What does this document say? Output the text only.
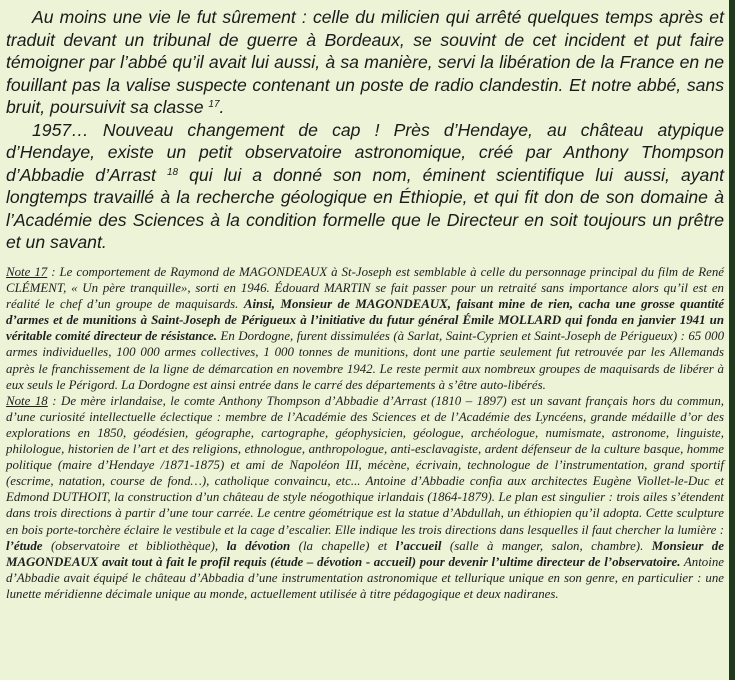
Au moins une vie le fut sûrement : celle du milicien qui arrêté quelques temps après et traduit devant un tribunal de guerre à Bordeaux, se souvint de cet incident et put faire témoigner par l’abbé qu’il avait lui aussi, à sa manière, servi la libération de la France en ne fouillant pas la valise suspecte contenant un poste de radio clandestin. Et notre abbé, sans bruit, poursuivit sa classe $^{17}$.

1957… Nouveau changement de cap ! Près d’Hendaye, au château atypique d’Hendaye, existe un petit observatoire astronomique, créé par Anthony Thompson d’Abbadie d’Arrast $^{18}$ qui lui a donné son nom, éminent scientifique lui aussi, ayant longtemps travaillé à la recherche géologique en Éthiopie, et qui fit don de son domaine à l’Académie des Sciences à la condition formelle que le Directeur en soit toujours un prêtre et un savant.

Note 17 : Le comportement de Raymond de MAGONDEAUX à St-Joseph est semblable à celle du personnage principal du film de René CLÉMENT, « Un père tranquille», sorti en 1946. Édouard MARTIN se fait passer pour un retraité sans importance alors qu’il est en réalité le chef d’un groupe de maquisards. Ainsi, Monsieur de MAGONDEAUX, faisant mine de rien, cacha une grosse quantité d’armes et de munitions à Saint-Joseph de Périgueux à l’initiative du futur général Émile MOLLARD qui fonda en janvier 1941 un véritable comité directeur de résistance. En Dordogne, furent dissimulées (à Sarlat, Saint-Cyprien et Saint-Joseph de Périgueux) : 65 000 armes individuelles, 100 000 armes collectives, 1 000 tonnes de munitions, dont une partie seulement fut retrouvée par les Allemands après le franchissement de la ligne de démarcation en novembre 1942. Le reste permit aux nombreux groupes de maquisards de libérer à eux seuls le Périgord. La Dordogne est ainsi entrée dans le carré des départements à s’être auto-libérés.

Note 18 : De mère irlandaise, le comte Anthony Thompson d’Abbadie d’Arrast (1810 – 1897) est un savant français hors du commun, d’une curiosité intellectuelle éclectique : membre de l’Académie des Sciences et de l’Académie des Lyncéens, grande médaille d’or des explorations en 1850, géodésien, géographe, cartographe, géophysicien, géologue, archéologue, numismate, astronome, linguiste, philologue, historien de l’art et des religions, ethnologue, anthropologue, anti-esclavagiste, ardent défenseur de la culture basque, homme politique (maire d’Hendaye /1871-1875) et ami de Napoléon III, mécène, écrivain, technologue de l’instrumentation, grand sportif (escrime, natation, course de fond…), catholique convaincu, etc... Antoine d’Abbadie confia aux architectes Eugène Viollet-le-Duc et Edmond DUTHOIT, la construction d’un château de style néogothique irlandais (1864-1879). Le plan est singulier : trois ailes s’étendent dans trois directions à partir d’une tour carrée. Le centre géométrique est la statue d’Abdullah, un éthiopien qu’il adopta. Cette sculpture en bois porte-torchère éclaire le vestibule et la cage d’escalier. Elle indique les trois directions dans lesquelles il faut chercher la lumière : l’étude (observatoire et bibliothèque), la dévotion (la chapelle) et l’accueil (salle à manger, salon, chambre). Monsieur de MAGONDEAUX avait tout à fait le profil requis (étude – dévotion - accueil) pour devenir l’ultime directeur de l’observatoire. Antoine d’Abbadie avait équipé le château d’Abbadia d’une instrumentation astronomique et tellurique unique en son genre, en particulier : une lunette méridienne décimale unique au monde, actuellement utilisée à titre pédagogique et deux nadiranes.
